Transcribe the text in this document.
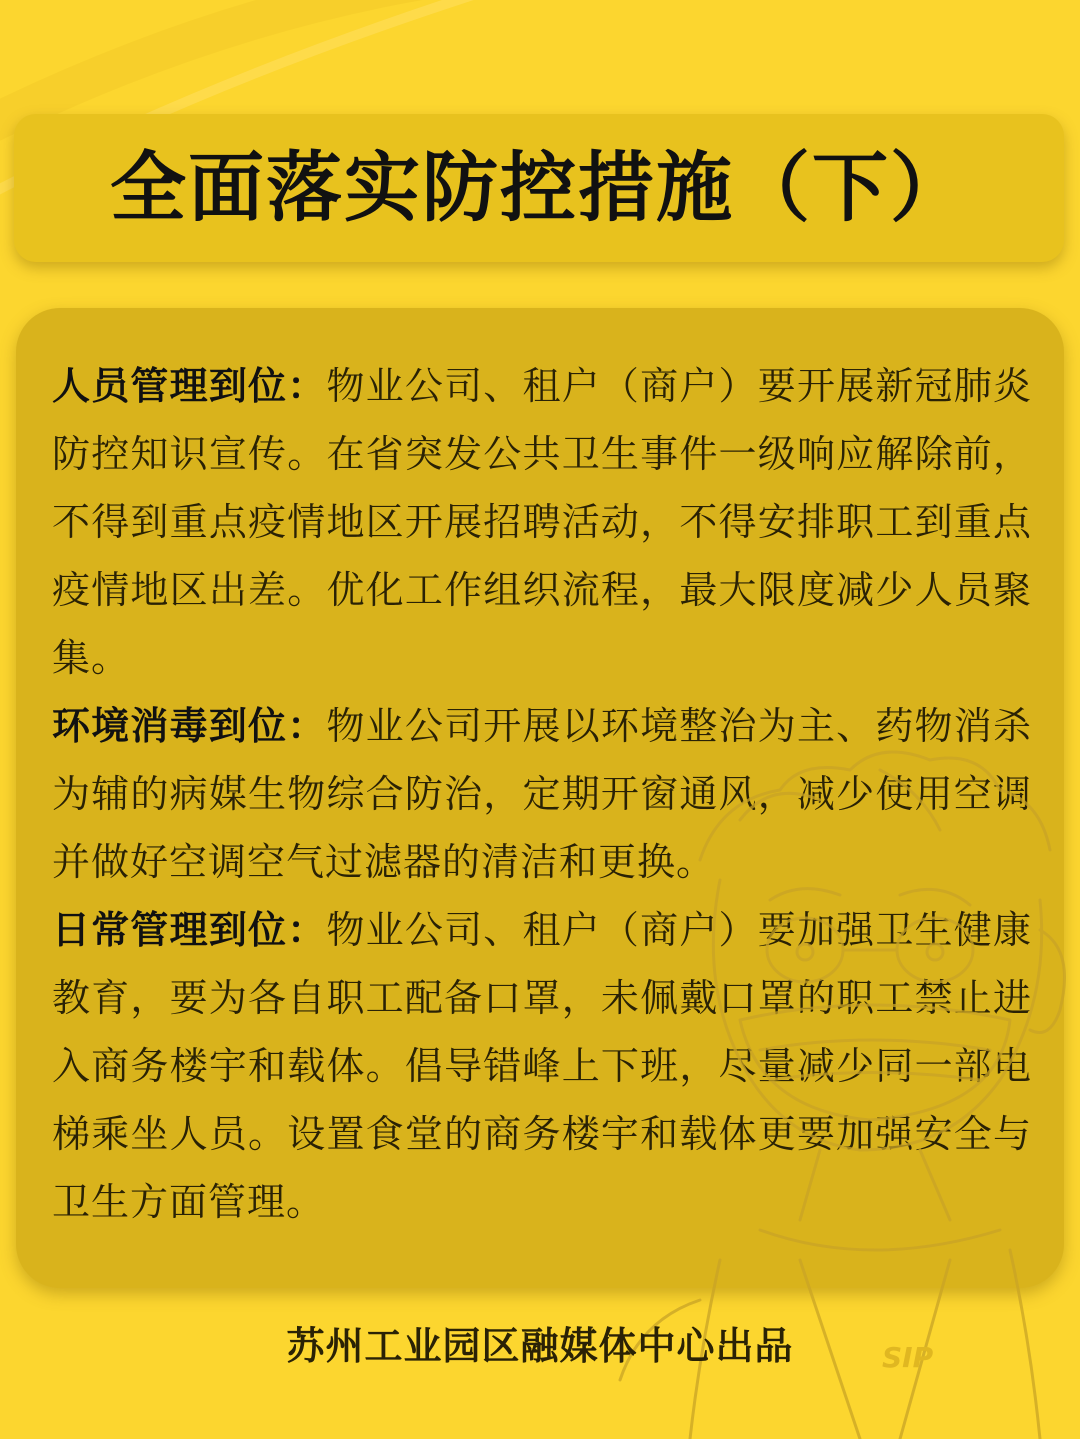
全面落实防控措施（下）

人员管理到位：物业公司、租户（商户）要开展新冠肺炎防控知识宣传。在省突发公共卫生事件一级响应解除前，不得到重点疫情地区开展招聘活动，不得安排职工到重点疫情地区出差。优化工作组织流程，最大限度减少人员聚集。

环境消毒到位：物业公司开展以环境整治为主、药物消杀为辅的病媒生物综合防治，定期开窗通风，减少使用空调并做好空调空气过滤器的清洁和更换。

日常管理到位：物业公司、租户（商户）要加强卫生健康教育，要为各自职工配备口罩，未佩戴口罩的职工禁止进入商务楼宇和载体。倡导错峰上下班，尽量减少同一部电梯乘坐人员。设置食堂的商务楼宇和载体更要加强安全与卫生方面管理。

苏州工业园区融媒体中心出品	SIP
